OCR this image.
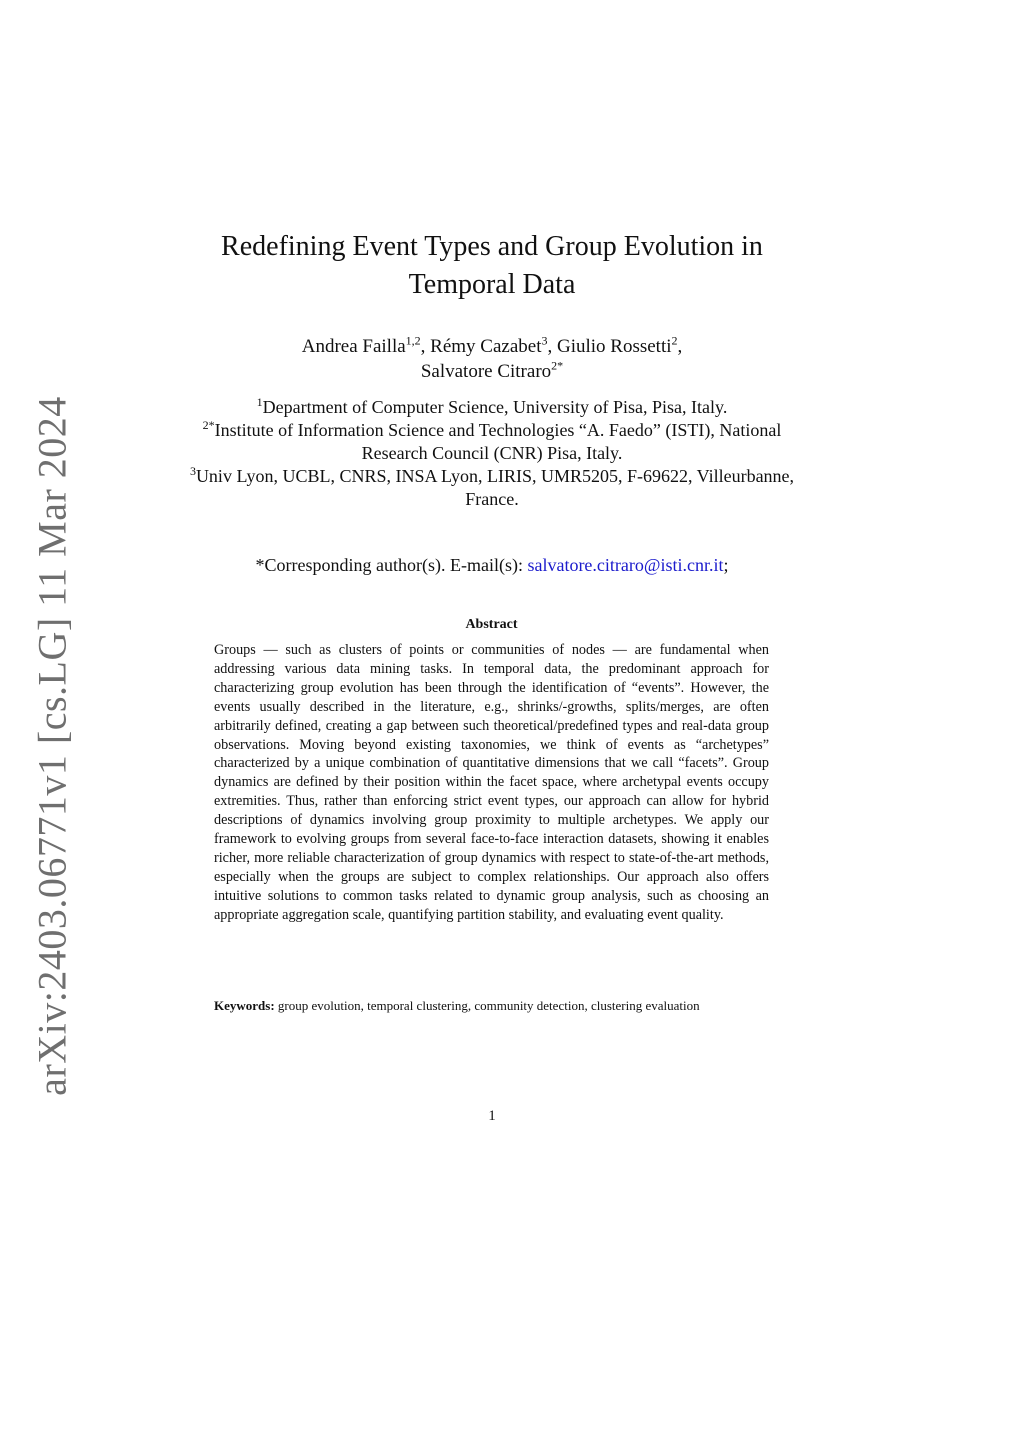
arXiv:2403.06771v1 [cs.LG] 11 Mar 2024
Redefining Event Types and Group Evolution in Temporal Data
Andrea Failla$^{1,2}$, Rémy Cazabet$^3$, Giulio Rossetti$^2$,
Salvatore Citraro$^{2*}$
$^1$Department of Computer Science, University of Pisa, Pisa, Italy.
$^{2*}$Institute of Information Science and Technologies “A. Faedo” (ISTI), National Research Council (CNR) Pisa, Italy.
$^3$Univ Lyon, UCBL, CNRS, INSA Lyon, LIRIS, UMR5205, F-69622, Villeurbanne, France.
*Corresponding author(s). E-mail(s): salvatore.citraro@isti.cnr.it;
Abstract
Groups — such as clusters of points or communities of nodes — are fundamental when addressing various data mining tasks. In temporal data, the predominant approach for characterizing group evolution has been through the identification of “events”. However, the events usually described in the literature, e.g., shrinks/-growths, splits/merges, are often arbitrarily defined, creating a gap between such theoretical/predefined types and real-data group observations. Moving beyond existing taxonomies, we think of events as “archetypes” characterized by a unique combination of quantitative dimensions that we call “facets”. Group dynamics are defined by their position within the facet space, where archetypal events occupy extremities. Thus, rather than enforcing strict event types, our approach can allow for hybrid descriptions of dynamics involving group proximity to multiple archetypes. We apply our framework to evolving groups from several face-to-face interaction datasets, showing it enables richer, more reliable characterization of group dynamics with respect to state-of-the-art methods, especially when the groups are subject to complex relationships. Our approach also offers intuitive solutions to common tasks related to dynamic group analysis, such as choosing an appropriate aggregation scale, quantifying partition stability, and evaluating event quality.
Keywords: group evolution, temporal clustering, community detection, clustering evaluation
1
